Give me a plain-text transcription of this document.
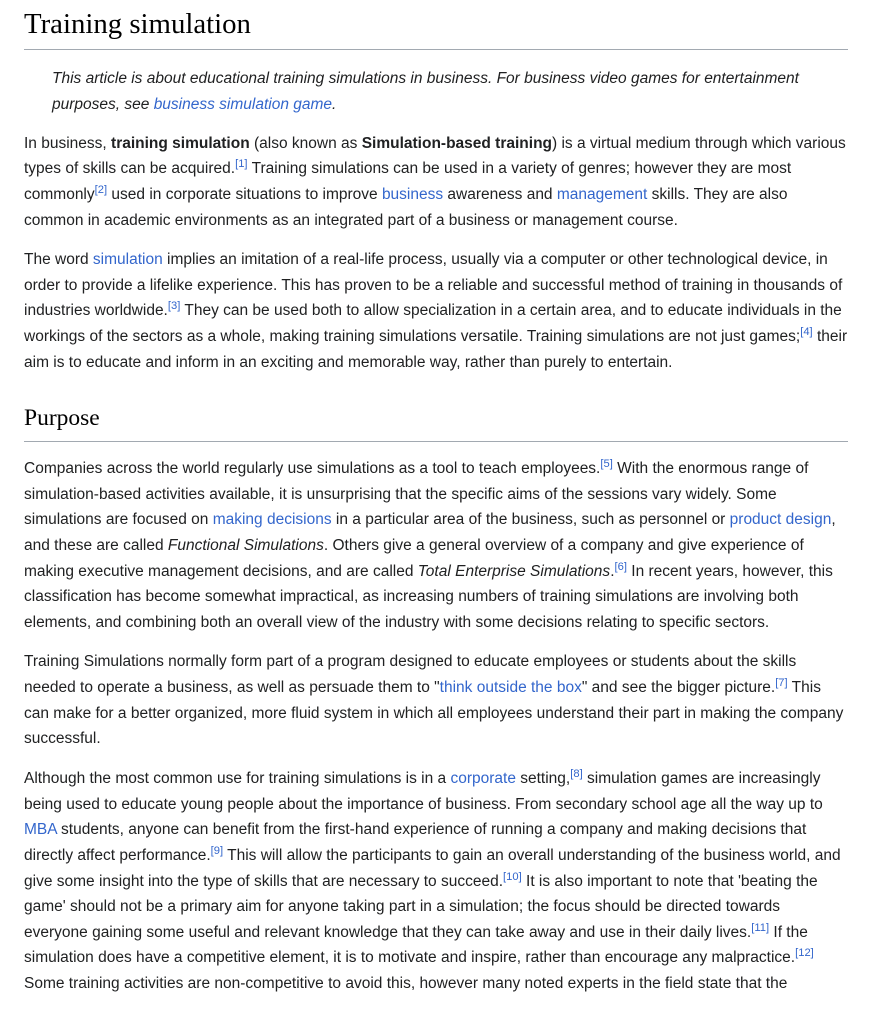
Training simulation
This article is about educational training simulations in business. For business video games for entertainment purposes, see business simulation game.

In business, training simulation (also known as Simulation-based training) is a virtual medium through which various types of skills can be acquired.[1] Training simulations can be used in a variety of genres; however they are most commonly[2] used in corporate situations to improve business awareness and management skills. They are also common in academic environments as an integrated part of a business or management course.

The word simulation implies an imitation of a real-life process, usually via a computer or other technological device, in order to provide a lifelike experience. This has proven to be a reliable and successful method of training in thousands of industries worldwide.[3] They can be used both to allow specialization in a certain area, and to educate individuals in the workings of the sectors as a whole, making training simulations versatile. Training simulations are not just games;[4] their aim is to educate and inform in an exciting and memorable way, rather than purely to entertain.

Purpose

Companies across the world regularly use simulations as a tool to teach employees.[5] With the enormous range of simulation-based activities available, it is unsurprising that the specific aims of the sessions vary widely. Some simulations are focused on making decisions in a particular area of the business, such as personnel or product design, and these are called Functional Simulations. Others give a general overview of a company and give experience of making executive management decisions, and are called Total Enterprise Simulations.[6] In recent years, however, this classification has become somewhat impractical, as increasing numbers of training simulations are involving both elements, and combining both an overall view of the industry with some decisions relating to specific sectors.

Training Simulations normally form part of a program designed to educate employees or students about the skills needed to operate a business, as well as persuade them to "think outside the box" and see the bigger picture.[7] This can make for a better organized, more fluid system in which all employees understand their part in making the company successful.

Although the most common use for training simulations is in a corporate setting,[8] simulation games are increasingly being used to educate young people about the importance of business. From secondary school age all the way up to MBA students, anyone can benefit from the first-hand experience of running a company and making decisions that directly affect performance.[9] This will allow the participants to gain an overall understanding of the business world, and give some insight into the type of skills that are necessary to succeed.[10] It is also important to note that 'beating the game' should not be a primary aim for anyone taking part in a simulation; the focus should be directed towards everyone gaining some useful and relevant knowledge that they can take away and use in their daily lives.[11] If the simulation does have a competitive element, it is to motivate and inspire, rather than encourage any malpractice.[12] Some training activities are non-competitive to avoid this, however many noted experts in the field state that the
